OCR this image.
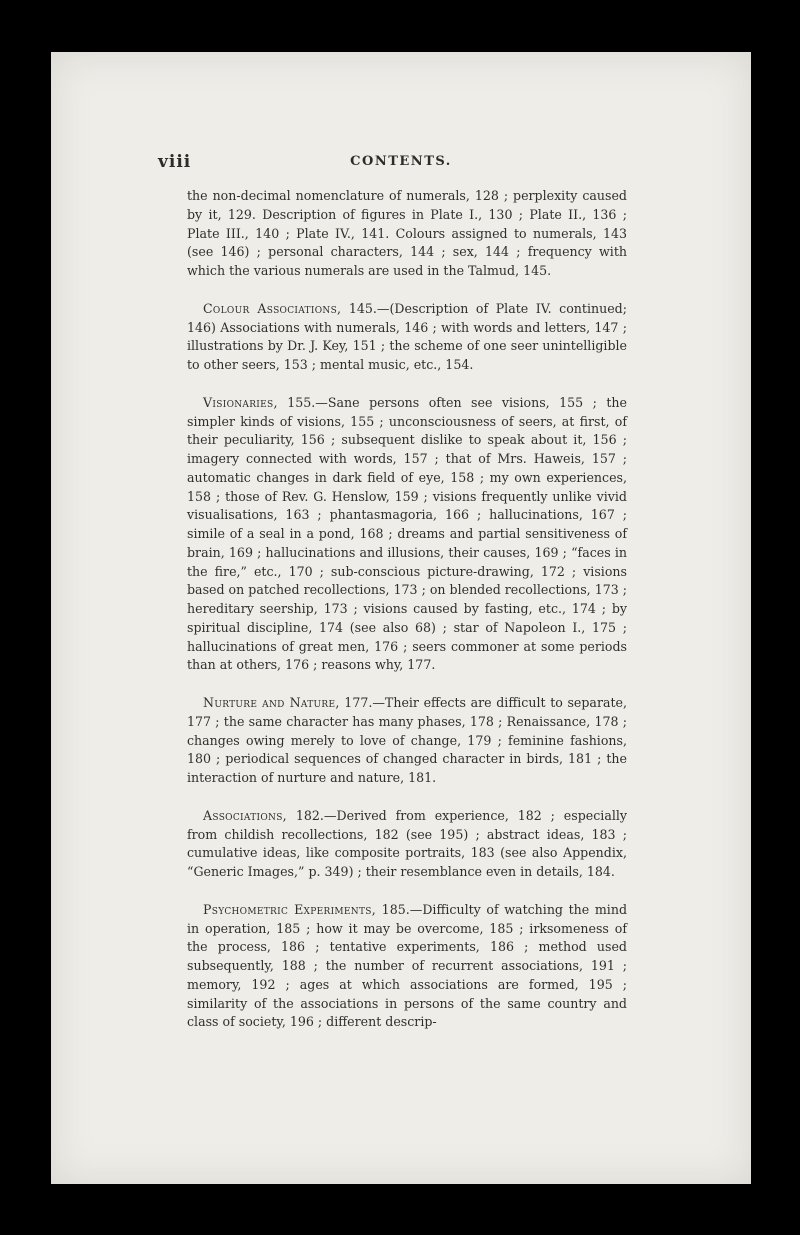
viii	CONTENTS.

the non-decimal nomenclature of numerals, 128 ; perplexity caused by it, 129. Description of figures in Plate I., 130 ; Plate II., 136 ; Plate III., 140 ; Plate IV., 141. Colours assigned to numerals, 143 (see 146) ; personal characters, 144 ; sex, 144 ; frequency with which the various numerals are used in the Talmud, 145.

Colour Associations, 145.—(Description of Plate IV. continued; 146) Associations with numerals, 146 ; with words and letters, 147 ; illustrations by Dr. J. Key, 151 ; the scheme of one seer unintelligible to other seers, 153 ; mental music, etc., 154.

Visionaries, 155.—Sane persons often see visions, 155 ; the simpler kinds of visions, 155 ; unconsciousness of seers, at first, of their peculiarity, 156 ; subsequent dislike to speak about it, 156 ; imagery connected with words, 157 ; that of Mrs. Haweis, 157 ; automatic changes in dark field of eye, 158 ; my own experiences, 158 ; those of Rev. G. Henslow, 159 ; visions frequently unlike vivid visualisations, 163 ; phantasmagoria, 166 ; hallucinations, 167 ; simile of a seal in a pond, 168 ; dreams and partial sensitiveness of brain, 169 ; hallucinations and illusions, their causes, 169 ; “faces in the fire,” etc., 170 ; sub-conscious picture-drawing, 172 ; visions based on patched recollections, 173 ; on blended recollections, 173 ; hereditary seership, 173 ; visions caused by fasting, etc., 174 ; by spiritual discipline, 174 (see also 68) ; star of Napoleon I., 175 ; hallucinations of great men, 176 ; seers commoner at some periods than at others, 176 ; reasons why, 177.

Nurture and Nature, 177.—Their effects are difficult to separate, 177 ; the same character has many phases, 178 ; Renaissance, 178 ; changes owing merely to love of change, 179 ; feminine fashions, 180 ; periodical sequences of changed character in birds, 181 ; the interaction of nurture and nature, 181.

Associations, 182.—Derived from experience, 182 ; especially from childish recollections, 182 (see 195) ; abstract ideas, 183 ; cumulative ideas, like composite portraits, 183 (see also Appendix, “Generic Images,” p. 349) ; their resemblance even in details, 184.

Psychometric Experiments, 185.—Difficulty of watching the mind in operation, 185 ; how it may be overcome, 185 ; irksomeness of the process, 186 ; tentative experiments, 186 ; method used subsequently, 188 ; the number of recurrent associations, 191 ; memory, 192 ; ages at which associations are formed, 195 ; similarity of the associations in persons of the same country and class of society, 196 ; different descrip-
